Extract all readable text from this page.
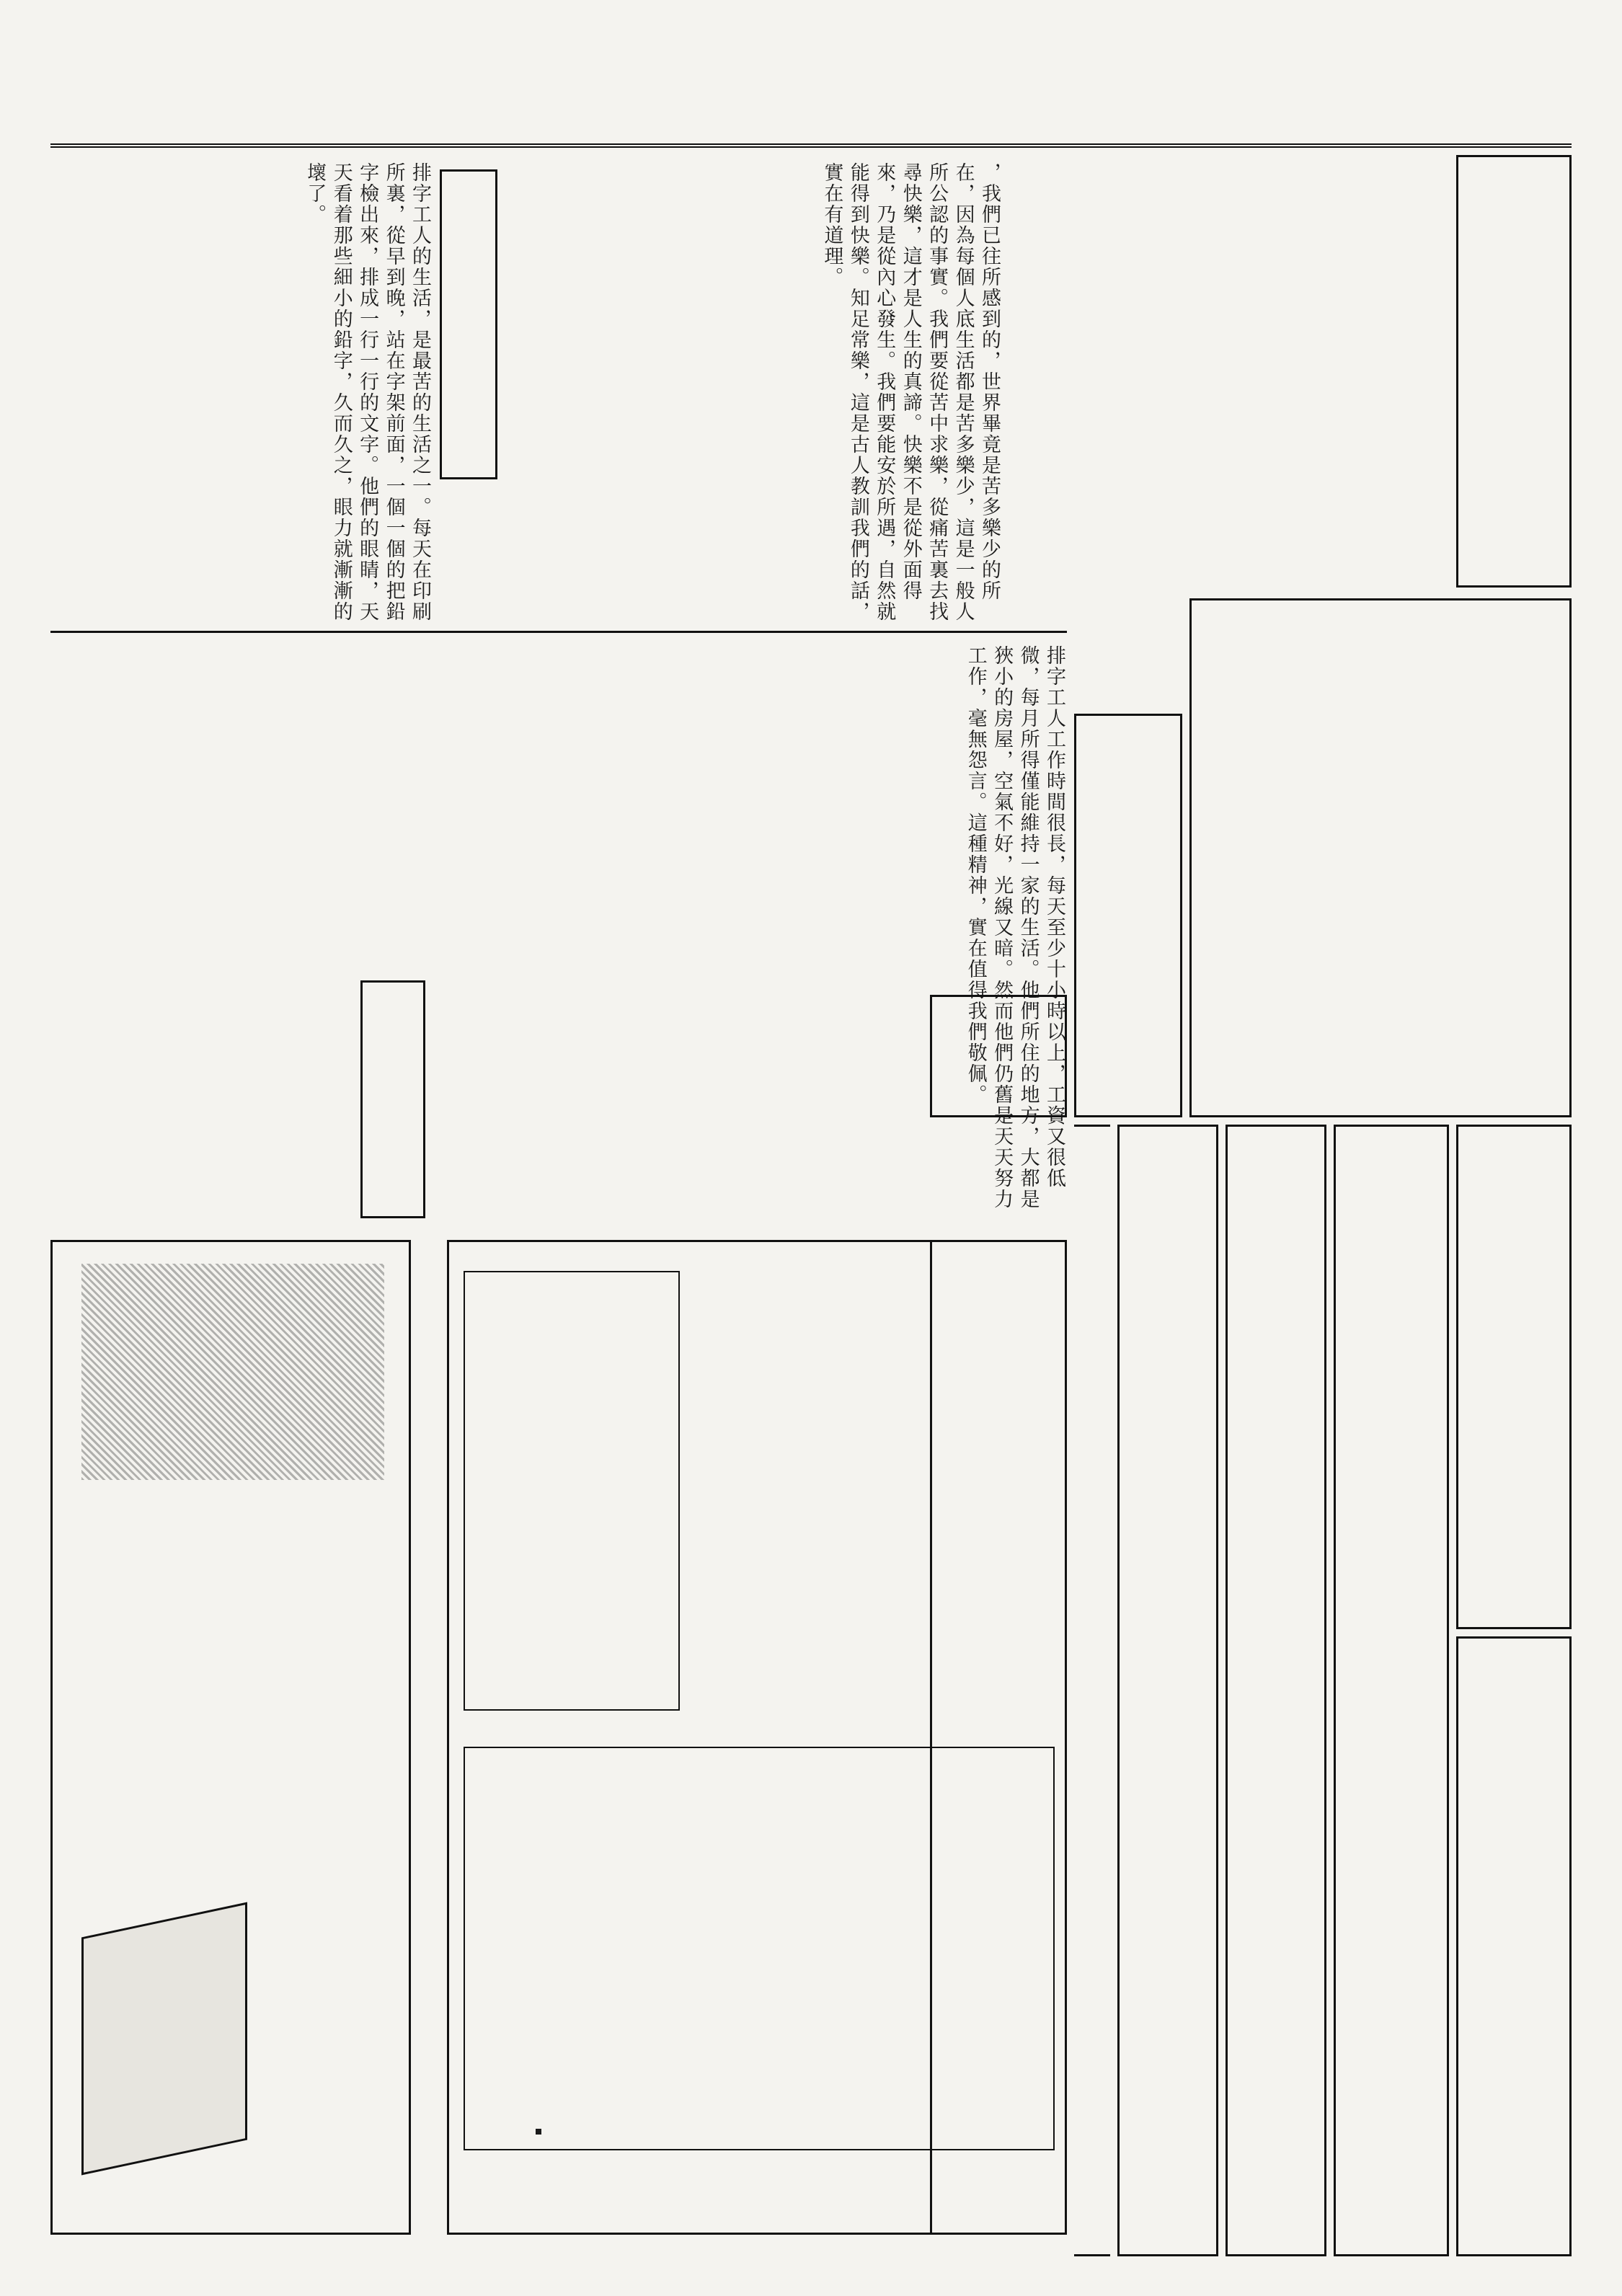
，我們已往所感到的，世界畢竟是苦多樂少的所在，因為每個人底生活都是苦多樂少，這是一般人所公認的事實。我們要從苦中求樂，從痛苦裏去找尋快樂，這才是人生的真諦。快樂不是從外面得來，乃是從內心發生。我們要能安於所遇，自然就能得到快樂。知足常樂，這是古人教訓我們的話，實在有道理。
排字工人的生活，是最苦的生活之一。每天在印刷所裏，從早到晚，站在字架前面，一個一個的把鉛字檢出來，排成一行一行的文字。他們的眼睛，天天看着那些細小的鉛字，久而久之，眼力就漸漸的壞了。
排字工人工作時間很長，每天至少十小時以上，工資又很低微，每月所得僅能維持一家的生活。他們所住的地方，大都是狹小的房屋，空氣不好，光線又暗。然而他們仍舊是天天努力工作，毫無怨言。這種精神，實在值得我們敬佩。
